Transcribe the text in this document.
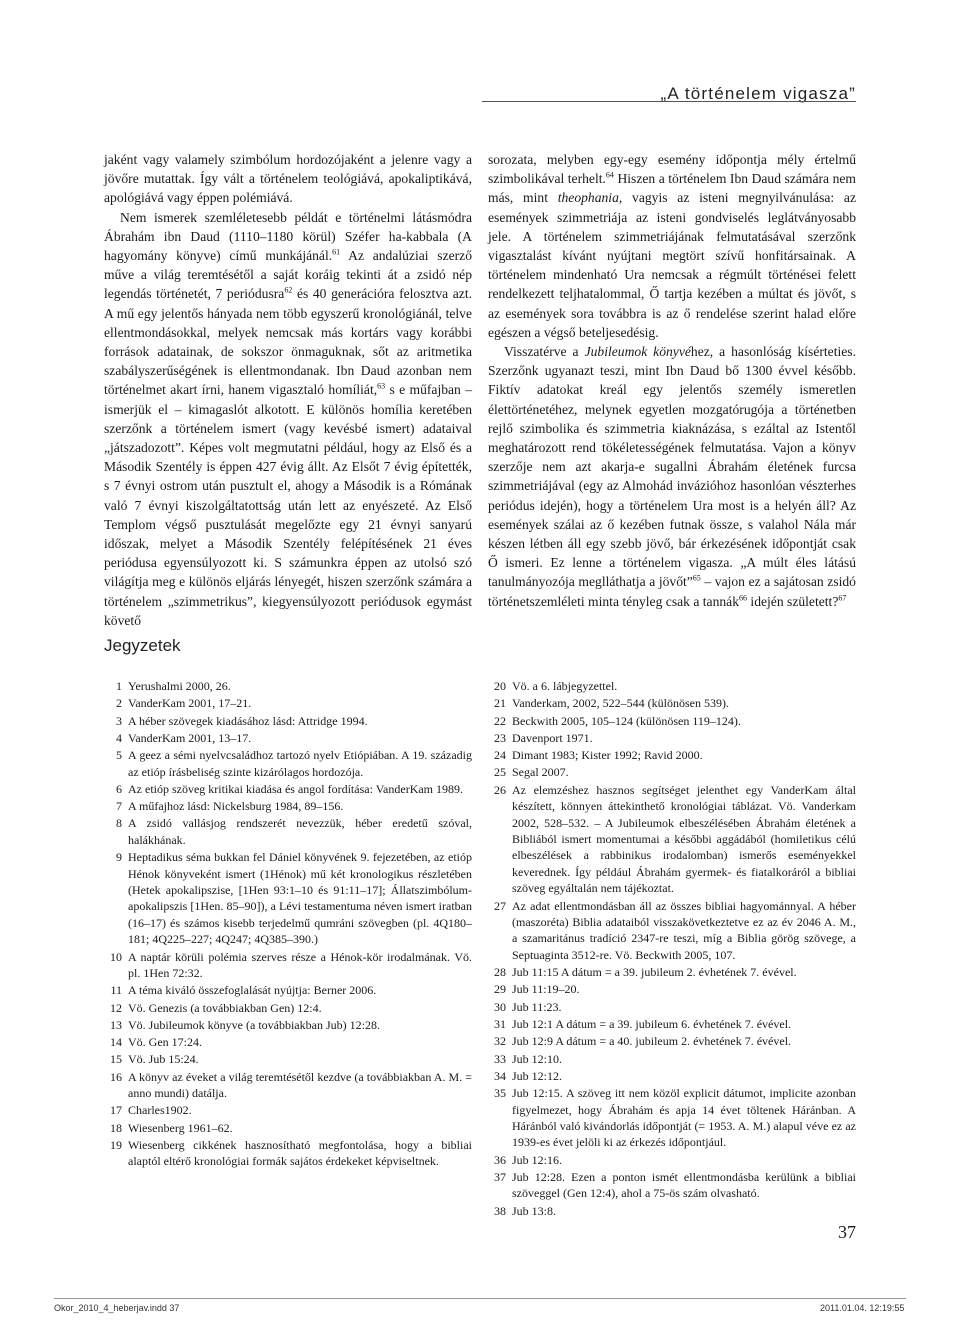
„A történelem vigasza”

jaként vagy valamely szimbólum hordozójaként a jelenre vagy a jövőre mutattak. Így vált a történelem teológiává, apokaliptikává, apológiává vagy éppen polémiává.

Nem ismerek szemléletesebb példát e történelmi látásmódra Ábrahám ibn Daud (1110–1180 körül) Széfer ha-kabbala (A hagyomány könyve) című munkájánál.$^{61}$ Az andalúziai szerző műve a világ teremtésétől a saját koráig tekinti át a zsidó nép legendás történetét, 7 periódusra$^{62}$ és 40 generációra felosztva azt. A mű egy jelentős hányada nem több egyszerű kronológiánál, telve ellentmondásokkal, melyek nemcsak más kortárs vagy korábbi források adatainak, de sokszor önmaguknak, sőt az aritmetika szabályszerűségének is ellentmondanak. Ibn Daud azonban nem történelmet akart írni, hanem vigasztaló homíliát,$^{63}$ s e műfajban – ismerjük el – kimagaslót alkotott. E különös homília keretében szerzőnk a történelem ismert (vagy kevésbé ismert) adataival „játszadozott”. Képes volt megmutatni például, hogy az Első és a Második Szentély is éppen 427 évig állt. Az Elsőt 7 évig építették, s 7 évnyi ostrom után pusztult el, ahogy a Második is a Rómának való 7 évnyi kiszolgáltatottság után lett az enyészeté. Az Első Templom végső pusztulását megelőzte egy 21 évnyi sanyarú időszak, melyet a Második Szentély felépítésének 21 éves periódusa egyensúlyozott ki. S számunkra éppen az utolsó szó világítja meg e különös eljárás lényegét, hiszen szerzőnk számára a történelem „szimmetrikus”, kiegyensúlyozott periódusok egymást követő

sorozata, melyben egy-egy esemény időpontja mély értelmű szimbolikával terhelt.$^{64}$ Hiszen a történelem Ibn Daud számára nem más, mint theophania, vagyis az isteni megnyilvánulása: az események szimmetriája az isteni gondviselés leglátványosabb jele. A történelem szimmetriájának felmutatásával szerzőnk vigasztalást kívánt nyújtani megtört szívű honfitársainak. A történelem mindenható Ura nemcsak a régmúlt történései felett rendelkezett teljhatalommal, Ő tartja kezében a múltat és jövőt, s az események sora továbbra is az ő rendelése szerint halad előre egészen a végső beteljesedésig.

Visszatérve a Jubileumok könyvéhez, a hasonlóság kísérteties. Szerzőnk ugyanazt teszi, mint Ibn Daud bő 1300 évvel később. Fiktív adatokat kreál egy jelentős személy ismeretlen élettörténetéhez, melynek egyetlen mozgatórugója a történetben rejlő szimbolika és szimmetria kiaknázása, s ezáltal az Istentől meghatározott rend tökéletességének felmutatása. Vajon a könyv szerzője nem azt akarja-e sugallni Ábrahám életének furcsa szimmetriájával (egy az Almohád invázióhoz hasonlóan vészterhes periódus idején), hogy a történelem Ura most is a helyén áll? Az események szálai az ő kezében futnak össze, s valahol Nála már készen létben áll egy szebb jövő, bár érkezésének időpontját csak Ő ismeri. Ez lenne a történelem vigasza. „A múlt éles látású tanulmányozója meglláthatja a jövőt”$^{65}$ – vajon ez a sajátosan zsidó történetszemléleti minta tényleg csak a tannák$^{66}$ idején született?$^{67}$

Jegyzetek
1 Yerushalmi 2000, 26.
2 VanderKam 2001, 17–21.
3 A héber szövegek kiadásához lásd: Attridge 1994.
4 VanderKam 2001, 13–17.
5 A geez a sémi nyelvcsaládhoz tartozó nyelv Etiópiában. A 19. századig az etióp írásbeliség szinte kizárólagos hordozója.
6 Az etióp szöveg kritikai kiadása és angol fordítása: VanderKam 1989.
7 A műfajhoz lásd: Nickelsburg 1984, 89–156.
8 A zsidó vallásjog rendszerét nevezzük, héber eredetű szóval, halákhának.
9 Heptadikus séma bukkan fel Dániel könyvének 9. fejezetében, az etióp Hénok könyveként ismert (1Hénok) mű két kronologikus részletében (Hetek apokalipszise, [1Hen 93:1–10 és 91:11–17]; Állatszimbólum-apokalipszis [1Hen. 85–90]), a Lévi testamentuma néven ismert iratban (16–17) és számos kisebb terjedelmű qumráni szövegben (pl. 4Q180–181; 4Q225–227; 4Q247; 4Q385–390.)
10 A naptár körüli polémia szerves része a Hénok-kör irodalmának. Vö. pl. 1Hen 72:32.
11 A téma kiváló összefoglalását nyújtja: Berner 2006.
12 Vö. Genezis (a továbbiakban Gen) 12:4.
13 Vö. Jubileumok könyve (a továbbiakban Jub) 12:28.
14 Vö. Gen 17:24.
15 Vö. Jub 15:24.
16 A könyv az éveket a világ teremtésétől kezdve (a továbbiakban A. M. = anno mundi) datálja.
17 Charles1902.
18 Wiesenberg 1961–62.
19 Wiesenberg cikkének hasznosítható megfontolása, hogy a bibliai alaptól eltérő kronológiai formák sajátos érdekeket képviseltnek.
20 Vö. a 6. lábjegyzettel.
21 Vanderkam, 2002, 522–544 (különösen 539).
22 Beckwith 2005, 105–124 (különösen 119–124).
23 Davenport 1971.
24 Dimant 1983; Kister 1992; Ravid 2000.
25 Segal 2007.
26 Az elemzéshez hasznos segítséget jelenthet egy VanderKam által készített, könnyen áttekinthető kronológiai táblázat. Vö. Vanderkam 2002, 528–532. – A Jubileumok elbeszélésében Ábrahám életének a Bibliából ismert momentumai a későbbi aggádából (homiletikus célú elbeszélések a rabbinikus irodalomban) ismerős eseményekkel keverednek. Így például Ábrahám gyermek- és fiatalkoráról a bibliai szöveg egyáltalán nem tájékoztat.
27 Az adat ellentmondásban áll az összes bibliai hagyománnyal. A héber (maszoréta) Biblia adataiból visszakövetkeztetve ez az év 2046 A. M., a szamaritánus tradíció 2347-re teszi, míg a Biblia görög szövege, a Septuaginta 3512-re. Vö. Beckwith 2005, 107.
28 Jub 11:15 A dátum = a 39. jubileum 2. évhetének 7. évével.
29 Jub 11:19–20.
30 Jub 11:23.
31 Jub 12:1 A dátum = a 39. jubileum 6. évhetének 7. évével.
32 Jub 12:9 A dátum = a 40. jubileum 2. évhetének 7. évével.
33 Jub 12:10.
34 Jub 12:12.
35 Jub 12:15. A szöveg itt nem közöl explicit dátumot, implicite azonban figyelmezet, hogy Ábrahám és apja 14 évet töltenek Háránban. A Háránból való kivándorlás időpontját (= 1953. A. M.) alapul véve ez az 1939-es évet jelöli ki az érkezés időpontjául.
36 Jub 12:16.
37 Jub 12:28. Ezen a ponton ismét ellentmondásba kerülünk a bibliai szöveggel (Gen 12:4), ahol a 75-ös szám olvasható.
38 Jub 13:8.
37
Okor_2010_4_heberjav.indd 37	2011.01.04. 12:19:55
